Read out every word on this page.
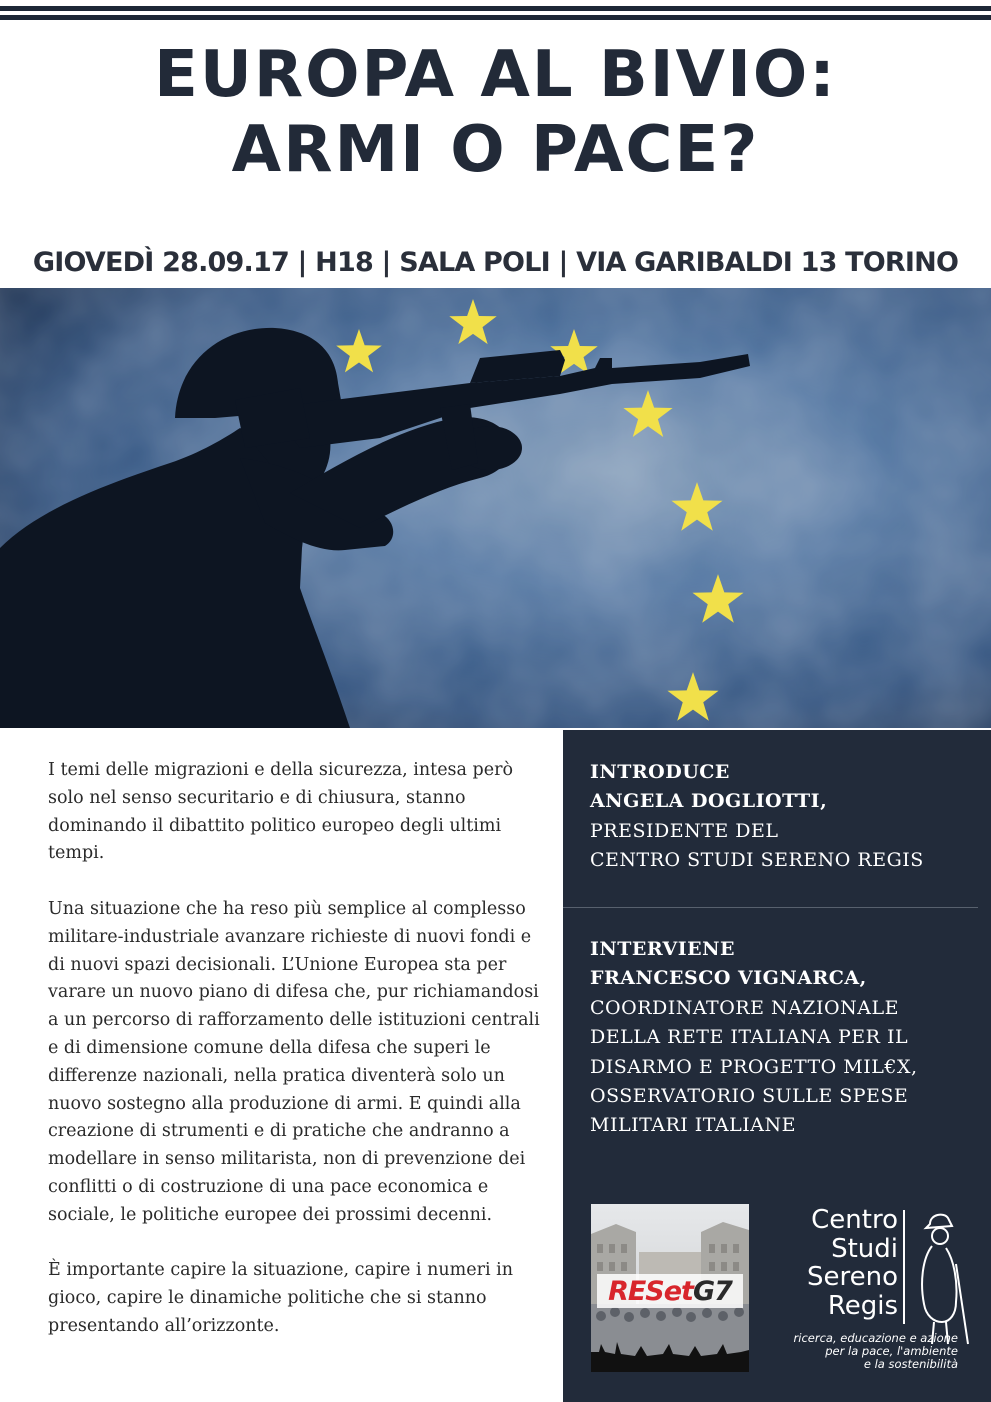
EUROPA AL BIVIO:
ARMI O PACE?
GIOVEDÌ 28.09.17 | H18 | SALA POLI | VIA GARIBALDI 13 TORINO

I temi delle migrazioni e della sicurezza, intesa però solo nel senso securitario e di chiusura, stanno dominando il dibattito politico europeo degli ultimi tempi.

Una situazione che ha reso più semplice al complesso militare-industriale avanzare richieste di nuovi fondi e di nuovi spazi decisionali. L’Unione Europea sta per varare un nuovo piano di difesa che, pur richiamandosi a un percorso di rafforzamento delle istituzioni centrali e di dimensione comune della difesa che superi le differenze nazionali, nella pratica diventerà solo un nuovo sostegno alla produzione di armi. E quindi alla creazione di strumenti e di pratiche che andranno a modellare in senso militarista, non di prevenzione dei conflitti o di costruzione di una pace economica e sociale, le politiche europee dei prossimi decenni.

È importante capire la situazione, capire i numeri in gioco, capire le dinamiche politiche che si stanno presentando all’orizzonte.

INTRODUCE
ANGELA DOGLIOTTI,
PRESIDENTE DEL
CENTRO STUDI SERENO REGIS
INTERVIENE
FRANCESCO VIGNARCA,
COORDINATORE NAZIONALE
DELLA RETE ITALIANA PER IL
DISARMO E PROGETTO MIL€X,
OSSERVATORIO SULLE SPESE
MILITARI ITALIANE
RESetG7
Centro
Studi
Sereno
Regis
ricerca, educazione e azione
per la pace, l'ambiente
e la sostenibilità
